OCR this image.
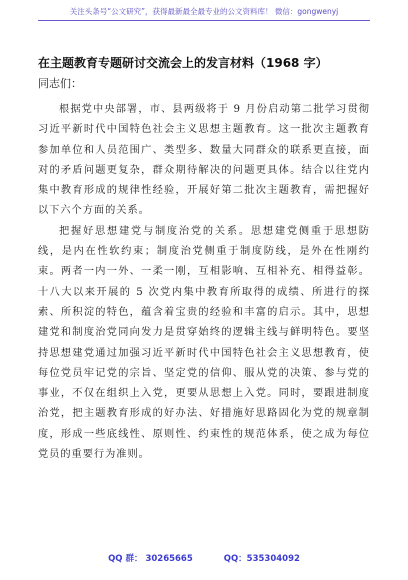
关注头条号“公文研究”，获得最新最全最专业的公文资料库！ 微信：gongwenyj
在主题教育专题研讨交流会上的发言材料（1968 字）
同志们：

根据党中央部署，市、县两级将于 9 月份启动第二批学习贯彻习近平新时代中国特色社会主义思想主题教育。这一批次主题教育参加单位和人员范围广、类型多、数量大同群众的联系更直接，面对的矛盾问题更复杂，群众期待解决的问题更具体。结合以往党内集中教育形成的规律性经验，开展好第二批次主题教育，需把握好以下六个方面的关系。

把握好思想建党与制度治党的关系。思想建党侧重于思想防线，是内在性软约束；制度治党侧重于制度防线，是外在性刚约束。两者一内一外、一柔一刚，互相影响、互相补充、相得益彰。十八大以来开展的 5 次党内集中教育所取得的成绩、所进行的探索、所积淀的特色，蕴含着宝贵的经验和丰富的启示。其中，思想建党和制度治党同向发力是贯穿始终的逻辑主线与鲜明特色。要坚持思想建党通过加强习近平新时代中国特色社会主义思想教育，使每位党员牢记党的宗旨、坚定党的信仰、服从党的决策、参与党的事业，不仅在组织上入党，更要从思想上入党。同时，要跟进制度治党，把主题教育形成的好办法、好措施好思路固化为党的规章制度，形成一些底线性、原则性、约束性的规范体系，使之成为每位党员的重要行为准则。

QQ 群： 30265665	QQ：535304092
